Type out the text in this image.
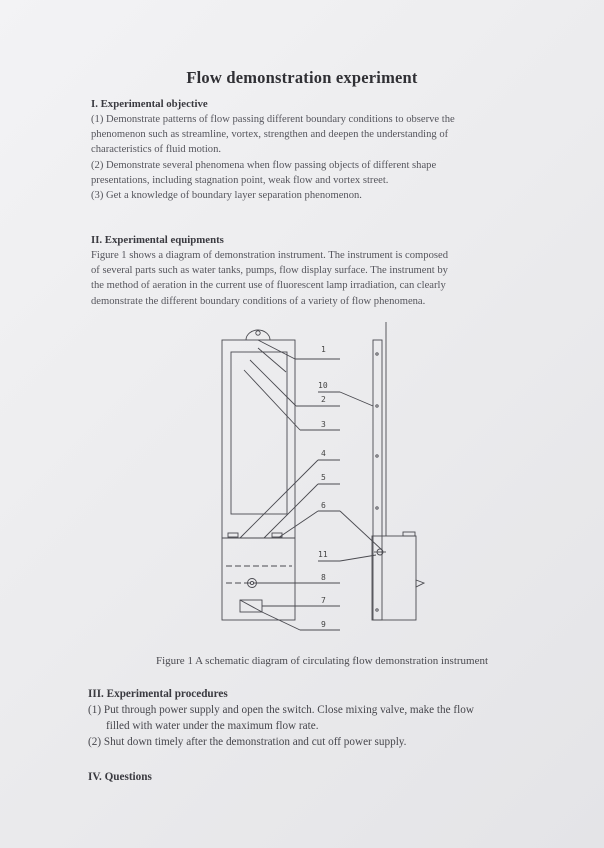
Flow demonstration experiment
I. Experimental objective

(1) Demonstrate patterns of flow passing different boundary conditions to observe the

phenomenon such as streamline, vortex, strengthen and deepen the understanding of

characteristics of fluid motion.

(2) Demonstrate several phenomena when flow passing objects of different shape

presentations, including stagnation point, weak flow and vortex street.

(3) Get a knowledge of boundary layer separation phenomenon.

II. Experimental equipments

Figure 1 shows a diagram of demonstration instrument. The instrument is composed

of several parts such as water tanks, pumps, flow display surface. The instrument by

the method of aeration in the current use of fluorescent lamp irradiation, can clearly

demonstrate the different boundary conditions of a variety of flow phenomena.

1
10
2
3
4
5
6
11
8
7
9
Figure 1 A schematic diagram of circulating flow demonstration instrument
III. Experimental procedures

(1) Put through power supply and open the switch. Close mixing valve, make the flow

filled with water under the maximum flow rate.

(2) Shut down timely after the demonstration and cut off power supply.

IV. Questions
